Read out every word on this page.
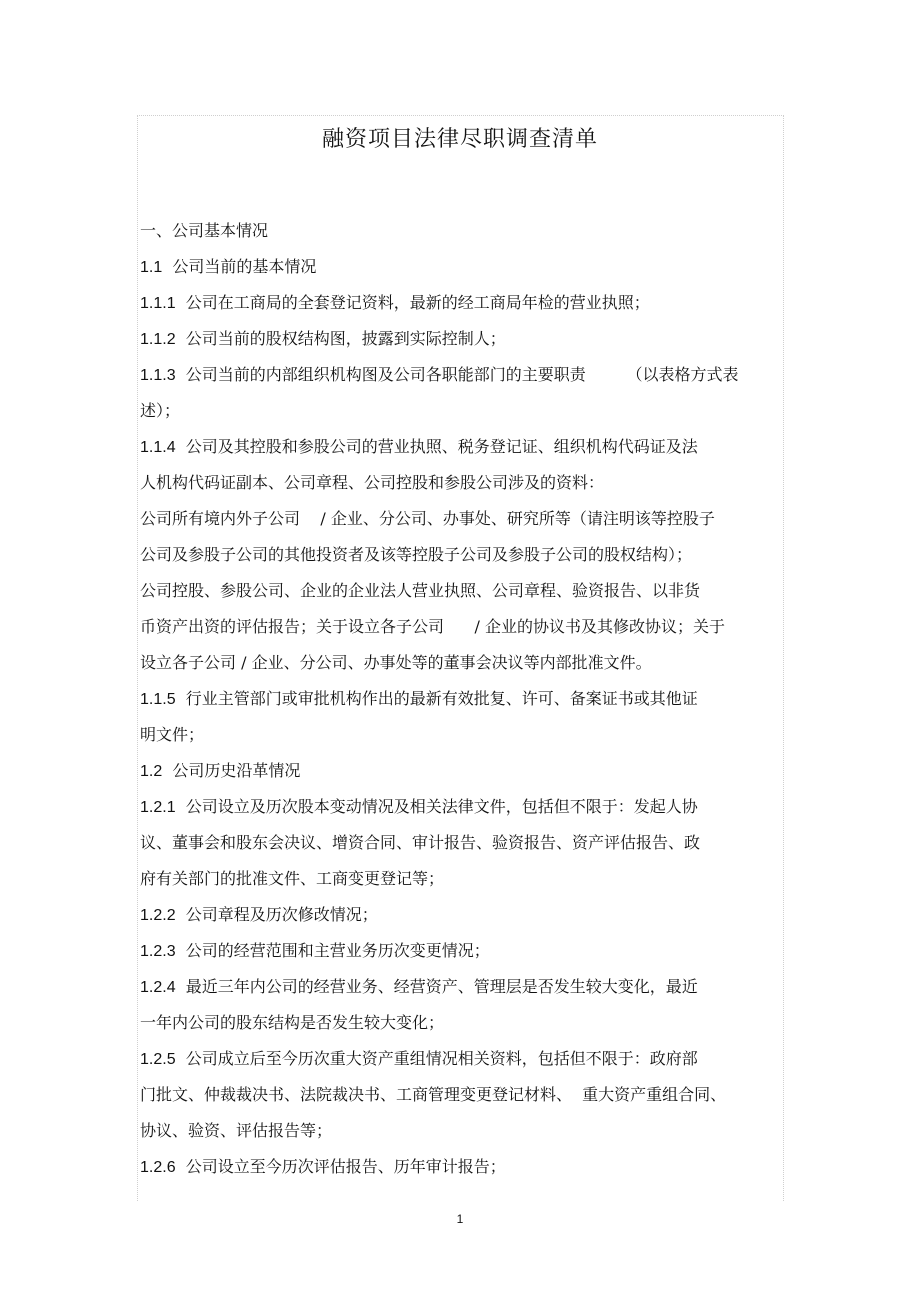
融资项目法律尽职调查清单
一、公司基本情况
1.1  公司当前的基本情况
1.1.1  公司在工商局的全套登记资料，最新的经工商局年检的营业执照；
1.1.2  公司当前的股权结构图，披露到实际控制人；
1.1.3  公司当前的内部组织机构图及公司各职能部门的主要职责        （以表格方式表
述）；
1.1.4  公司及其控股和参股公司的营业执照、税务登记证、组织机构代码证及法
人机构代码证副本、公司章程、公司控股和参股公司涉及的资料：
公司所有境内外子公司    / 企业、分公司、办事处、研究所等（请注明该等控股子
公司及参股子公司的其他投资者及该等控股子公司及参股子公司的股权结构）；
公司控股、参股公司、企业的企业法人营业执照、公司章程、验资报告、以非货
币资产出资的评估报告；关于设立各子公司      / 企业的协议书及其修改协议；关于
设立各子公司 / 企业、分公司、办事处等的董事会决议等内部批准文件。
1.1.5  行业主管部门或审批机构作出的最新有效批复、许可、备案证书或其他证
明文件；
1.2  公司历史沿革情况
1.2.1  公司设立及历次股本变动情况及相关法律文件，包括但不限于：发起人协
议、董事会和股东会决议、增资合同、审计报告、验资报告、资产评估报告、政
府有关部门的批准文件、工商变更登记等；
1.2.2  公司章程及历次修改情况；
1.2.3  公司的经营范围和主营业务历次变更情况；
1.2.4  最近三年内公司的经营业务、经营资产、管理层是否发生较大变化，最近
一年内公司的股东结构是否发生较大变化；
1.2.5  公司成立后至今历次重大资产重组情况相关资料，包括但不限于：政府部
门批文、仲裁裁决书、法院裁决书、工商管理变更登记材料、  重大资产重组合同、
协议、验资、评估报告等；
1.2.6  公司设立至今历次评估报告、历年审计报告；
1
